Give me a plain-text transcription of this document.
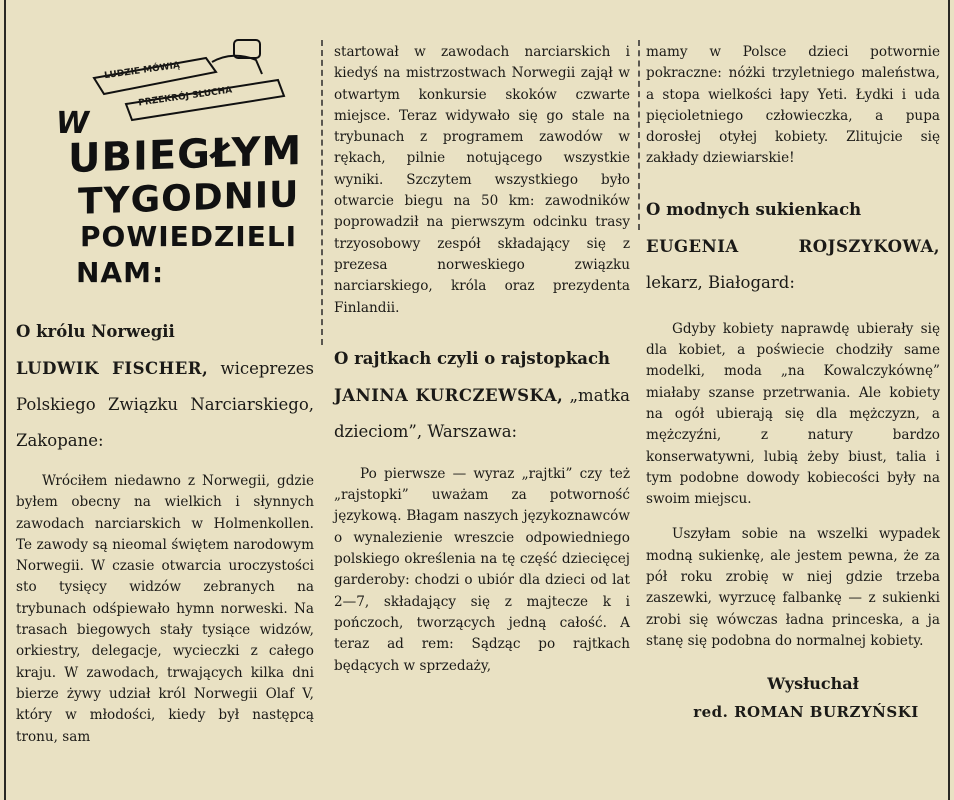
LUDZIE MÓWIĄ
PRZEKRÓJ SŁUCHA
W
UBIEGŁYM
TYGODNIU
POWIEDZIELI
NAM:
O królu Norwegii

LUDWIK FISCHER, wiceprezes Polskiego Związku Narciarskiego, Zakopane:

Wróciłem niedawno z Norwegii, gdzie byłem obecny na wielkich i słynnych zawodach narciarskich w Holmenkollen. Te zawody są nieomal świętem narodowym Norwegii. W czasie otwarcia uroczystości sto tysięcy widzów zebranych na trybunach odśpiewało hymn norweski. Na trasach biegowych stały tysiące widzów, orkiestry, delegacje, wycieczki z całego kraju. W zawodach, trwających kilka dni bierze żywy udział król Norwegii Olaf V, który w młodości, kiedy był następcą tronu, sam

startował w zawodach narciarskich i kiedyś na mistrzostwach Norwegii zajął w otwartym konkursie skoków czwarte miejsce. Teraz widywało się go stale na trybunach z programem zawodów w rękach, pilnie notującego wszystkie wyniki. Szczytem wszystkiego było otwarcie biegu na 50 km: zawodników poprowadził na pierwszym odcinku trasy trzyosobowy zespół składający się z prezesa norweskiego związku narciarskiego, króla oraz prezydenta Finlandii.

O rajtkach czyli o rajstopkach

JANINA KURCZEWSKA, „matka dzieciom”, Warszawa:

Po pierwsze — wyraz „rajtki” czy też „rajstopki” uważam za potworność językową. Błagam naszych językoznawców o wynalezienie wreszcie odpowiedniego polskiego określenia na tę część dziecięcej garderoby: chodzi o ubiór dla dzieci od lat 2—7, składający się z majtecze k i pończoch, tworzących jedną całość. A teraz ad rem: Sądząc po rajtkach będących w sprzedaży,

mamy w Polsce dzieci potwornie pokraczne: nóżki trzyletniego maleństwa, a stopa wielkości łapy Yeti. Łydki i uda pięcioletniego człowieczka, a pupa dorosłej otyłej kobiety. Zlitujcie się zakłady dziewiarskie!

O modnych sukienkach

EUGENIA ROJSZYKOWA, lekarz, Białogard:

Gdyby kobiety naprawdę ubierały się dla kobiet, a poświecie chodziły same modelki, moda „na Kowalczykównę” miałaby szanse przetrwania. Ale kobiety na ogół ubierają się dla mężczyzn, a mężczyźni, z natury bardzo konserwatywni, lubią żeby biust, talia i tym podobne dowody kobiecości były na swoim miejscu.

Uszyłam sobie na wszelki wypadek modną sukienkę, ale jestem pewna, że za pół roku zrobię w niej gdzie trzeba zaszewki, wyrzucę falbankę — z sukienki zrobi się wówczas ładna princeska, a ja stanę się podobna do normalnej kobiety.

Wysłuchał
red. ROMAN BURZYŃSKI
